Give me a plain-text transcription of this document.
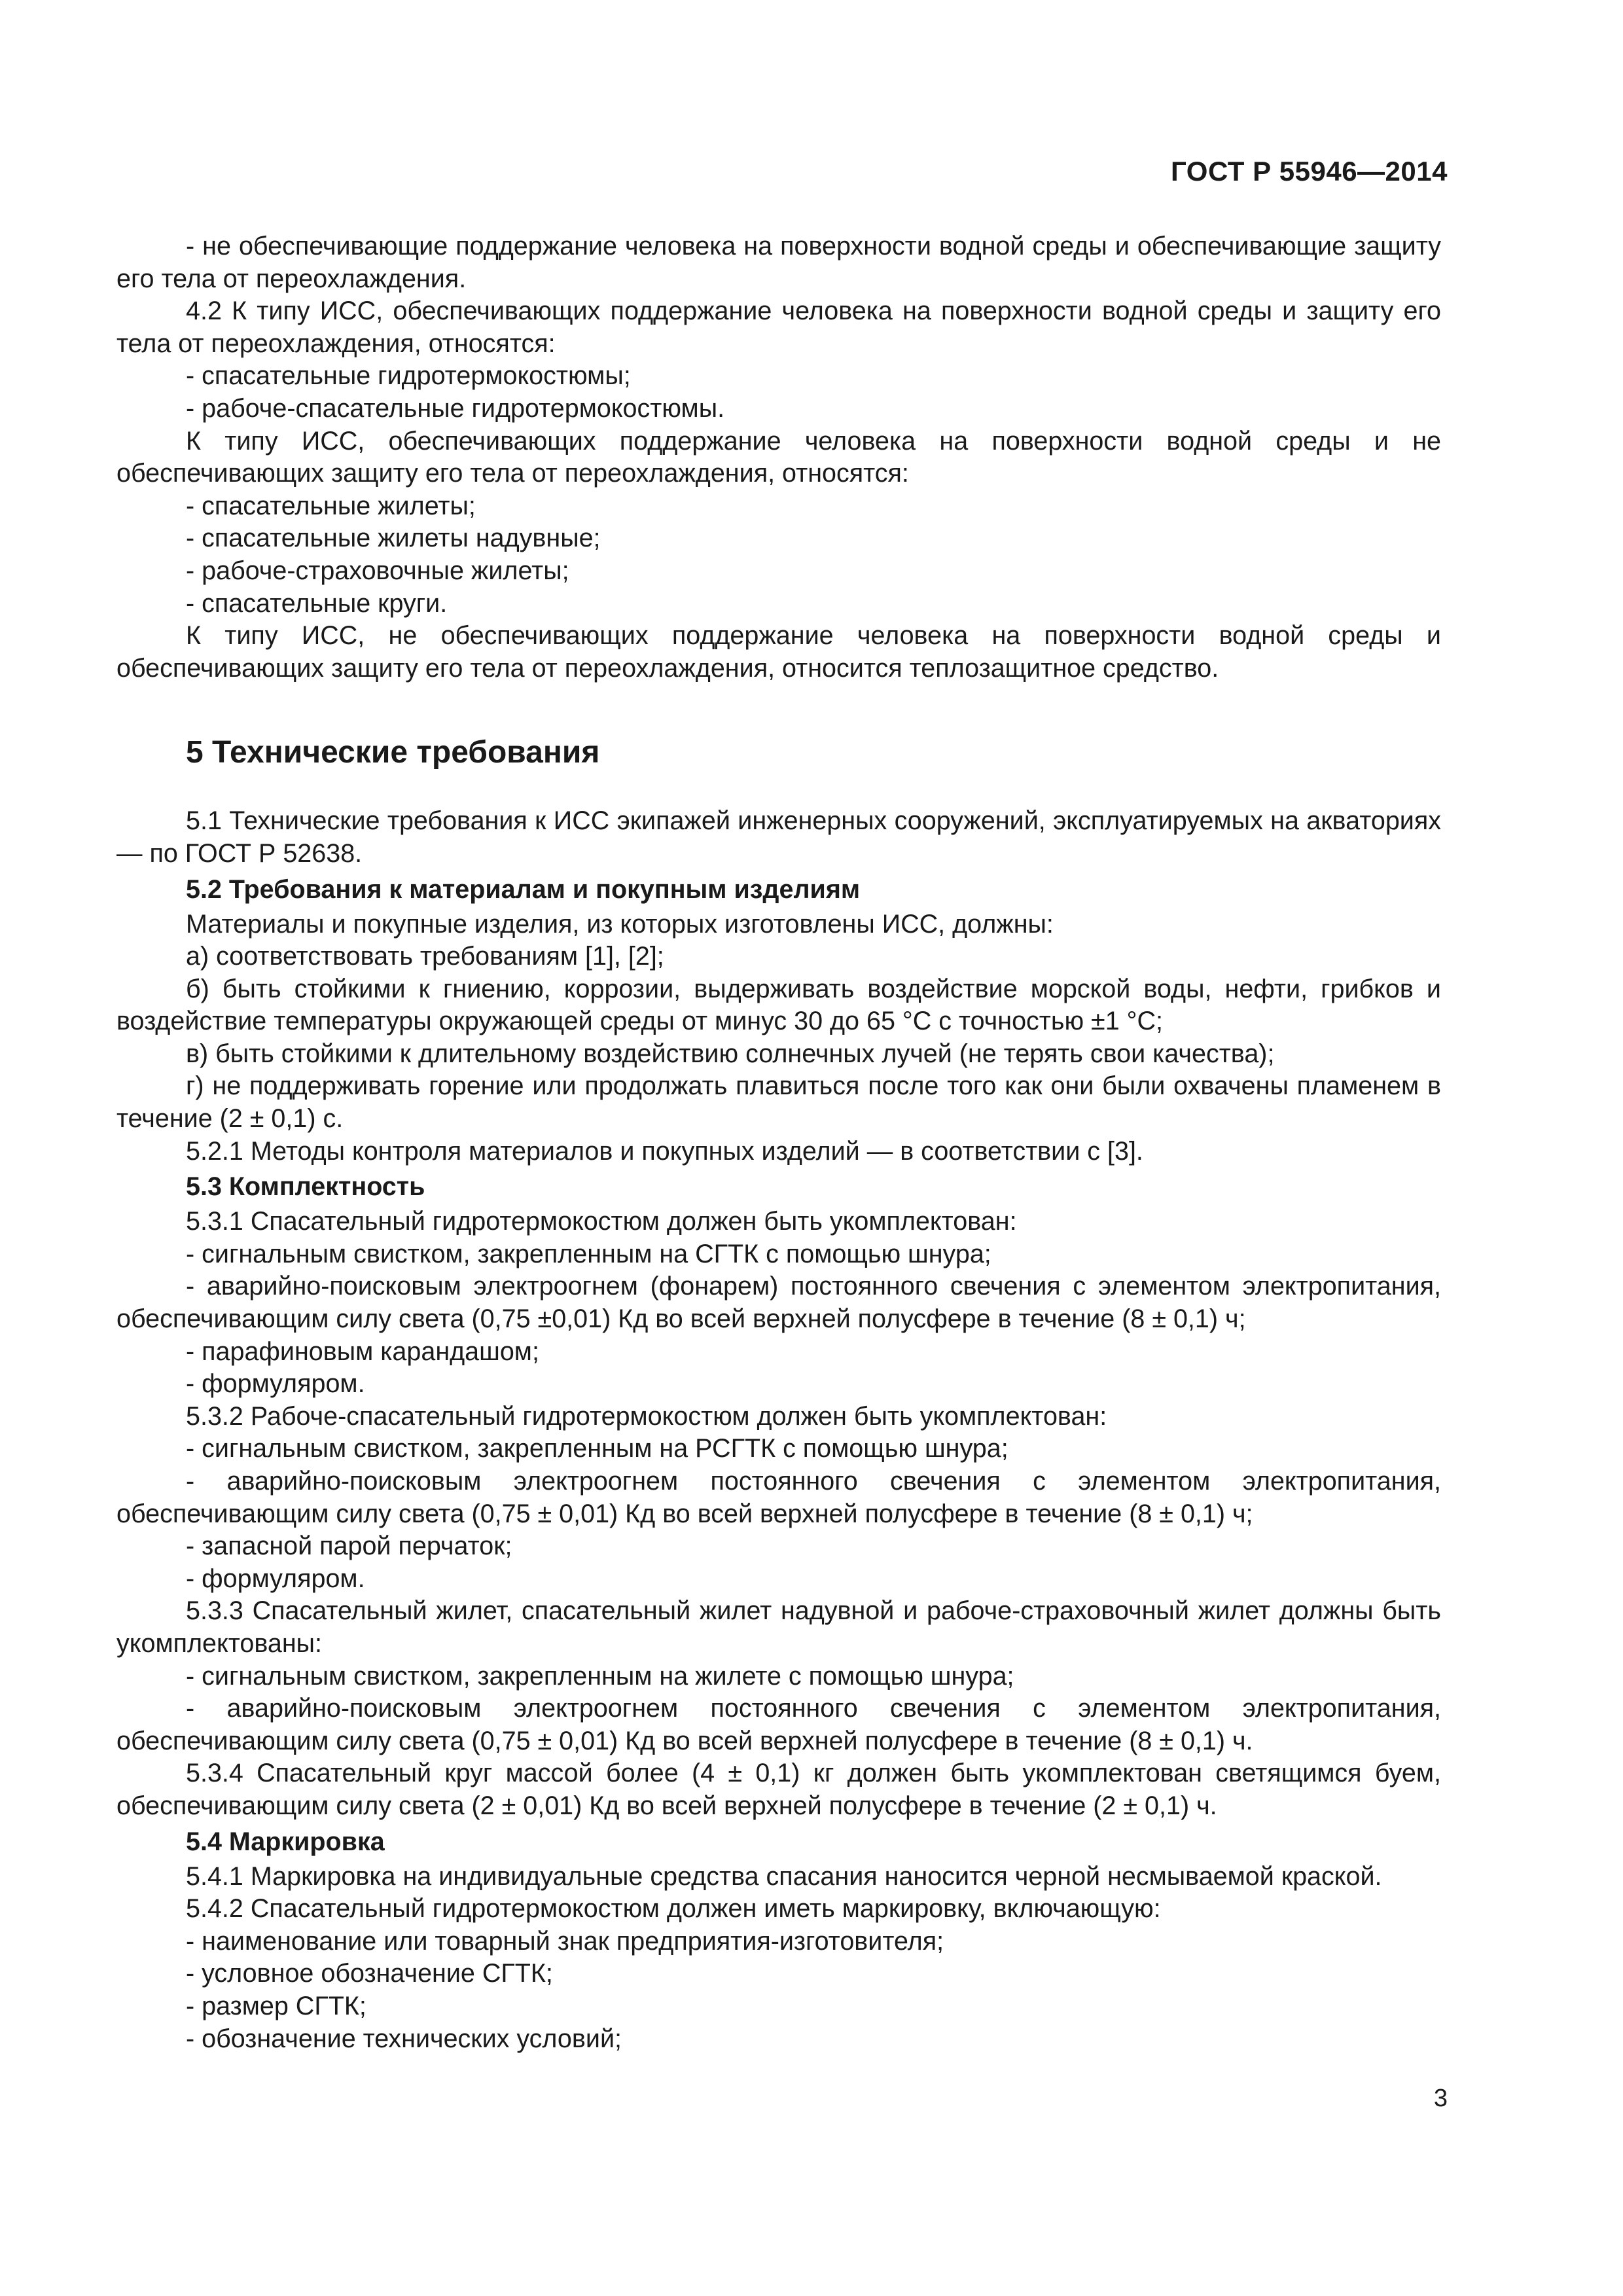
ГОСТ Р 55946—2014

- не обеспечивающие поддержание человека на поверхности водной среды и обеспечивающие защиту его тела от переохлаждения.

4.2 К типу ИСС, обеспечивающих поддержание человека на поверхности водной среды и защиту его тела от переохлаждения, относятся:

- спасательные гидротермокостюмы;

- рабоче-спасательные гидротермокостюмы.

К типу ИСС, обеспечивающих поддержание человека на поверхности водной среды и не обеспечивающих защиту его тела от переохлаждения, относятся:

- спасательные жилеты;

- спасательные жилеты надувные;

- рабоче-страховочные жилеты;

- спасательные круги.

К типу ИСС, не обеспечивающих поддержание человека на поверхности водной среды и обеспечивающих защиту его тела от переохлаждения, относится теплозащитное средство.

5 Технические требования

5.1 Технические требования к ИСС экипажей инженерных сооружений, эксплуатируемых на акваториях — по ГОСТ Р 52638.

5.2 Требования к материалам и покупным изделиям

Материалы и покупные изделия, из которых изготовлены ИСС, должны:

а) соответствовать требованиям [1], [2];

б) быть стойкими к гниению, коррозии, выдерживать воздействие морской воды, нефти, грибков и воздействие температуры окружающей среды от минус 30 до 65 °С с точностью ±1 °С;

в) быть стойкими к длительному воздействию солнечных лучей (не терять свои качества);

г) не поддерживать горение или продолжать плавиться после того как они были охвачены пламенем в течение (2 ± 0,1) с.

5.2.1 Методы контроля материалов и покупных изделий — в соответствии с [3].

5.3 Комплектность

5.3.1 Спасательный гидротермокостюм должен быть укомплектован:

- сигнальным свистком, закрепленным на СГТК с помощью шнура;

- аварийно-поисковым электроогнем (фонарем) постоянного свечения с элементом электропитания, обеспечивающим силу света (0,75 ±0,01) Кд во всей верхней полусфере в течение (8 ± 0,1) ч;

- парафиновым карандашом;

- формуляром.

5.3.2 Рабоче-спасательный гидротермокостюм должен быть укомплектован:

- сигнальным свистком, закрепленным на РСГТК с помощью шнура;

- аварийно-поисковым электроогнем постоянного свечения с элементом электропитания, обеспечивающим силу света (0,75 ± 0,01) Кд во всей верхней полусфере в течение (8 ± 0,1) ч;

- запасной парой перчаток;

- формуляром.

5.3.3 Спасательный жилет, спасательный жилет надувной и рабоче-страховочный жилет должны быть укомплектованы:

- сигнальным свистком, закрепленным на жилете с помощью шнура;

- аварийно-поисковым электроогнем постоянного свечения с элементом электропитания, обеспечивающим силу света (0,75 ± 0,01) Кд во всей верхней полусфере в течение (8 ± 0,1) ч.

5.3.4 Спасательный круг массой более (4 ± 0,1) кг должен быть укомплектован светящимся буем, обеспечивающим силу света (2 ± 0,01) Кд во всей верхней полусфере в течение (2 ± 0,1) ч.

5.4 Маркировка

5.4.1 Маркировка на индивидуальные средства спасания наносится черной несмываемой краской.

5.4.2 Спасательный гидротермокостюм должен иметь маркировку, включающую:

- наименование или товарный знак предприятия-изготовителя;

- условное обозначение СГТК;

- размер СГТК;

- обозначение технических условий;

3
